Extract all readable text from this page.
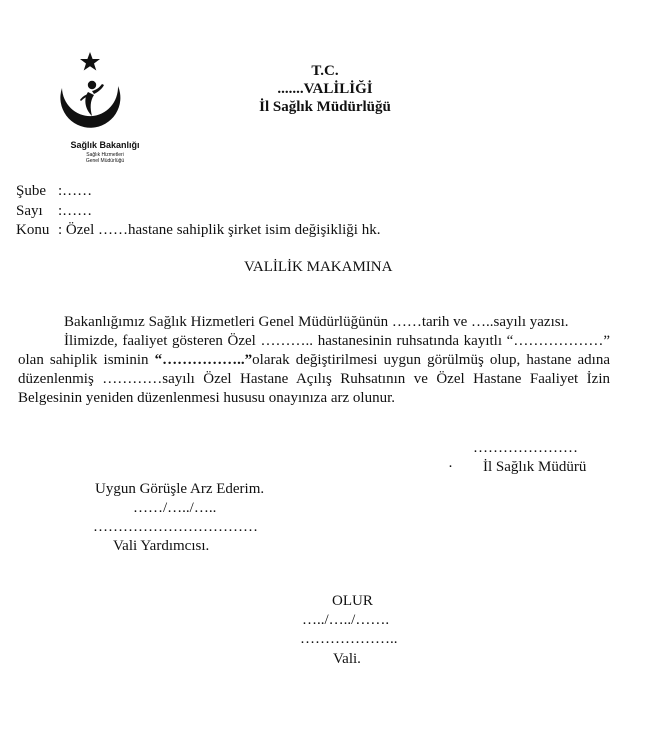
Sağlık Bakanlığı
Sağlık Hizmetleri
Genel Müdürlüğü
T.C.
.......VALİLİĞİ
İl Sağlık Müdürlüğü
Şube :……
Sayı :……
Konu : Özel ……hastane sahiplik şirket isim değişikliği hk.
VALİLİK MAKAMINA

Bakanlığımız Sağlık Hizmetleri Genel Müdürlüğünün ……tarih ve …..sayılı yazısı.

İlimizde, faaliyet gösteren Özel ……….. hastanesinin ruhsatında kayıtlı “………………” olan sahiplik isminin “……………..”olarak değiştirilmesi uygun görülmüş olup, hastane adına düzenlenmiş …………sayılı Özel Hastane Açılış Ruhsatının ve Özel Hastane Faaliyet İzin Belgesinin yeniden düzenlenmesi hususu onayınıza arz olunur.

…………………
· İl Sağlık Müdürü
Uygun Görüşle Arz Ederim.
……/…../…..
……………………………
Vali Yardımcısı.
OLUR
…../…../…….
………………..
Vali.
